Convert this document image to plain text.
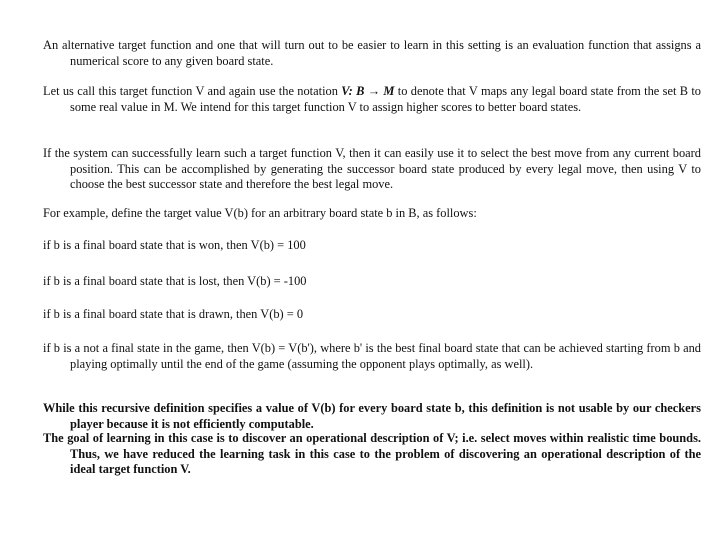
An alternative target function and one that will turn out to be easier to learn in this setting is an evaluation function that assigns a numerical score to any given board state.

Let us call this target function V and again use the notation V: B → M to denote that V maps any legal board state from the set B to some real value in M. We intend for this target function V to assign higher scores to better board states.

If the system can successfully learn such a target function V, then it can easily use it to select the best move from any current board position. This can be accomplished by generating the successor board state produced by every legal move, then using V to choose the best successor state and therefore the best legal move.

For example, define the target value V(b) for an arbitrary board state b in B, as follows:

if b is a final board state that is won, then V(b) = 100

if b is a final board state that is lost, then V(b) = -100

if b is a final board state that is drawn, then V(b) = 0

if b is a not a final state in the game, then V(b) = V(b'), where b' is the best final board state that can be achieved starting from b and playing optimally until the end of the game (assuming the opponent plays optimally, as well).

While this recursive definition specifies a value of V(b) for every board state b, this definition is not usable by our checkers player because it is not efficiently computable.

The goal of learning in this case is to discover an operational description of V; i.e. select moves within realistic time bounds. Thus, we have reduced the learning task in this case to the problem of discovering an operational description of the ideal target function V.
